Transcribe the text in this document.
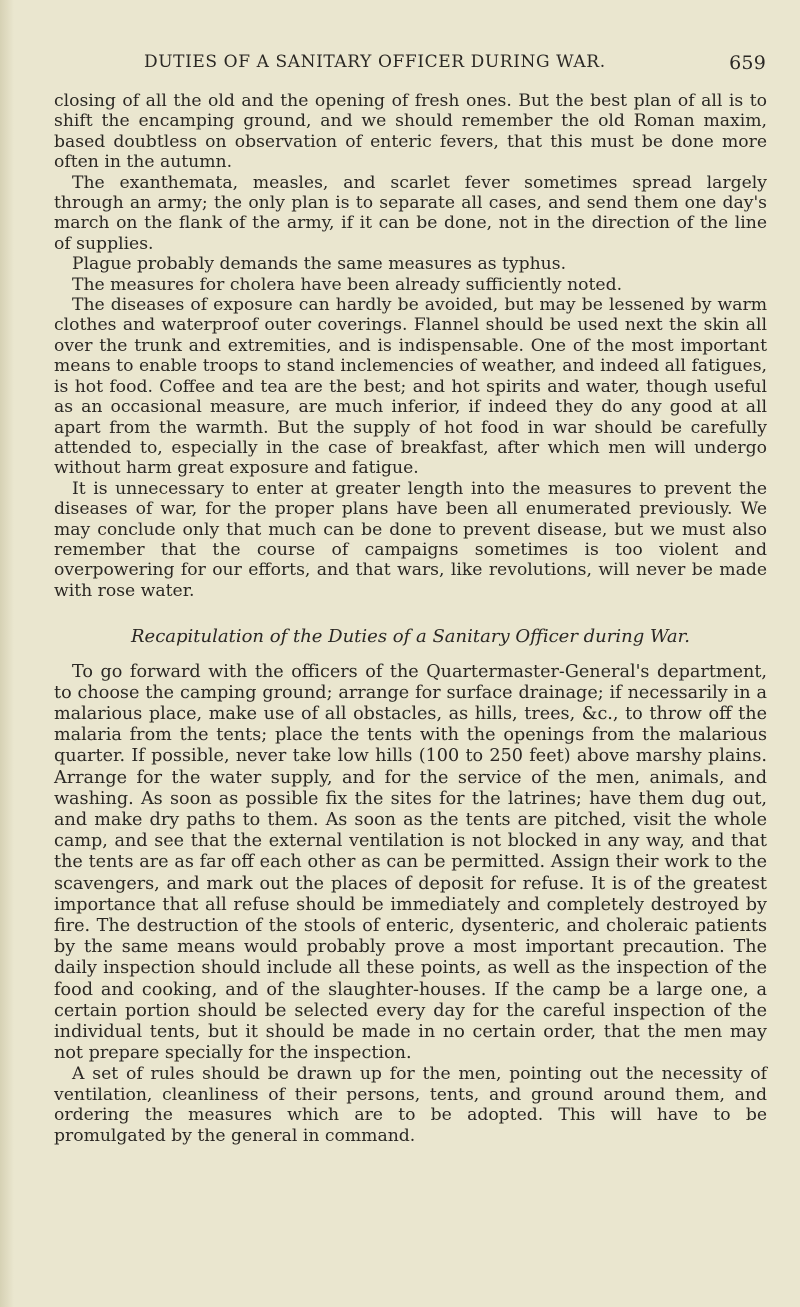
DUTIES OF A SANITARY OFFICER DURING WAR.	659

closing of all the old and the opening of fresh ones. But the best plan of all is to shift the encamping ground, and we should remember the old Roman maxim, based doubtless on observation of enteric fevers, that this must be done more often in the autumn.

The exanthemata, measles, and scarlet fever sometimes spread largely through an army; the only plan is to separate all cases, and send them one day's march on the flank of the army, if it can be done, not in the direction of the line of supplies.

Plague probably demands the same measures as typhus.

The measures for cholera have been already sufficiently noted.

The diseases of exposure can hardly be avoided, but may be lessened by warm clothes and waterproof outer coverings. Flannel should be used next the skin all over the trunk and extremities, and is indispensable. One of the most important means to enable troops to stand inclemencies of weather, and indeed all fatigues, is hot food. Coffee and tea are the best; and hot spirits and water, though useful as an occasional measure, are much inferior, if indeed they do any good at all apart from the warmth. But the supply of hot food in war should be carefully attended to, especially in the case of breakfast, after which men will undergo without harm great exposure and fatigue.

It is unnecessary to enter at greater length into the measures to prevent the diseases of war, for the proper plans have been all enumerated previously. We may conclude only that much can be done to prevent disease, but we must also remember that the course of campaigns sometimes is too violent and overpowering for our efforts, and that wars, like revolutions, will never be made with rose water.

Recapitulation of the Duties of a Sanitary Officer during War.

To go forward with the officers of the Quartermaster-General's department, to choose the camping ground; arrange for surface drainage; if necessarily in a malarious place, make use of all obstacles, as hills, trees, &c., to throw off the malaria from the tents; place the tents with the openings from the malarious quarter. If possible, never take low hills (100 to 250 feet) above marshy plains. Arrange for the water supply, and for the service of the men, animals, and washing. As soon as possible fix the sites for the latrines; have them dug out, and make dry paths to them. As soon as the tents are pitched, visit the whole camp, and see that the external ventilation is not blocked in any way, and that the tents are as far off each other as can be permitted. Assign their work to the scavengers, and mark out the places of deposit for refuse. It is of the greatest importance that all refuse should be immediately and completely destroyed by fire. The destruction of the stools of enteric, dysenteric, and choleraic patients by the same means would probably prove a most important precaution. The daily inspection should include all these points, as well as the inspection of the food and cooking, and of the slaughter-houses. If the camp be a large one, a certain portion should be selected every day for the careful inspection of the individual tents, but it should be made in no certain order, that the men may not prepare specially for the inspection.

A set of rules should be drawn up for the men, pointing out the necessity of ventilation, cleanliness of their persons, tents, and ground around them, and ordering the measures which are to be adopted. This will have to be promulgated by the general in command.
